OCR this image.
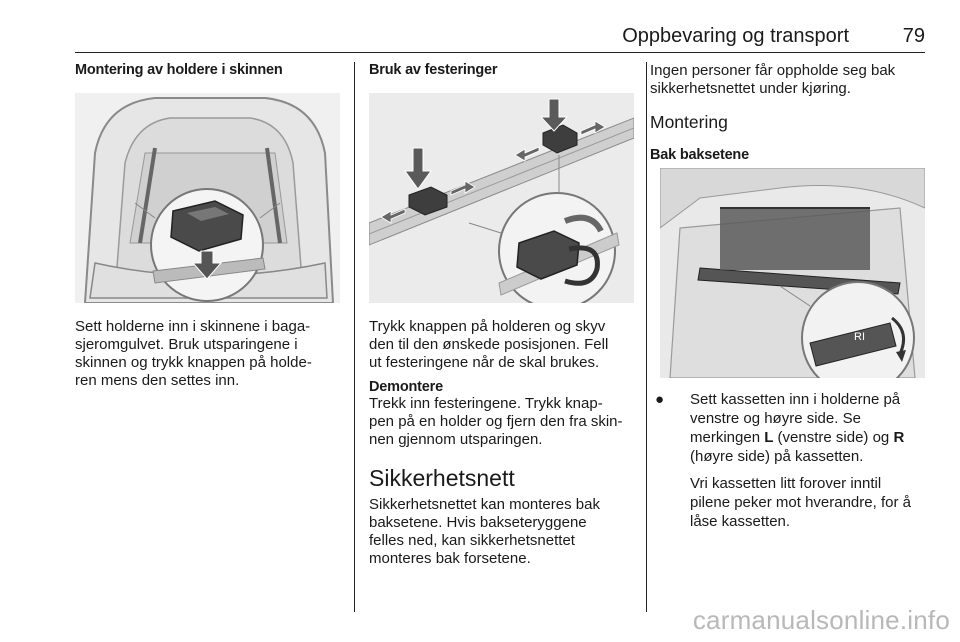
Oppbevaring og transport	79

Montering av holdere i skinnen

Sett holderne inn i skinnene i baga-
sjeromgulvet. Bruk utsparingene i
skinnen og trykk knappen på holde-
ren mens den settes inn.

Bruk av festeringer

Trykk knappen på holderen og skyv
den til den ønskede posisjonen. Fell
ut festeringene når de skal brukes.

Demontere

Trekk inn festeringene. Trykk knap-
pen på en holder og fjern den fra skin-
nen gjennom utsparingen.

Sikkerhetsnett

Sikkerhetsnettet kan monteres bak
baksetene. Hvis bakseteryggene
felles ned, kan sikkerhetsnettet
monteres bak forsetene.

Ingen personer får oppholde seg bak
sikkerhetsnettet under kjøring.

Montering

Bak baksetene

RI
● Sett kassetten inn i holderne på
venstre og høyre side. Se
merkingen L (venstre side) og R
(høyre side) på kassetten.
Vri kassetten litt forover inntil
pilene peker mot hverandre, for å
låse kassetten.
carmanualsonline.info
